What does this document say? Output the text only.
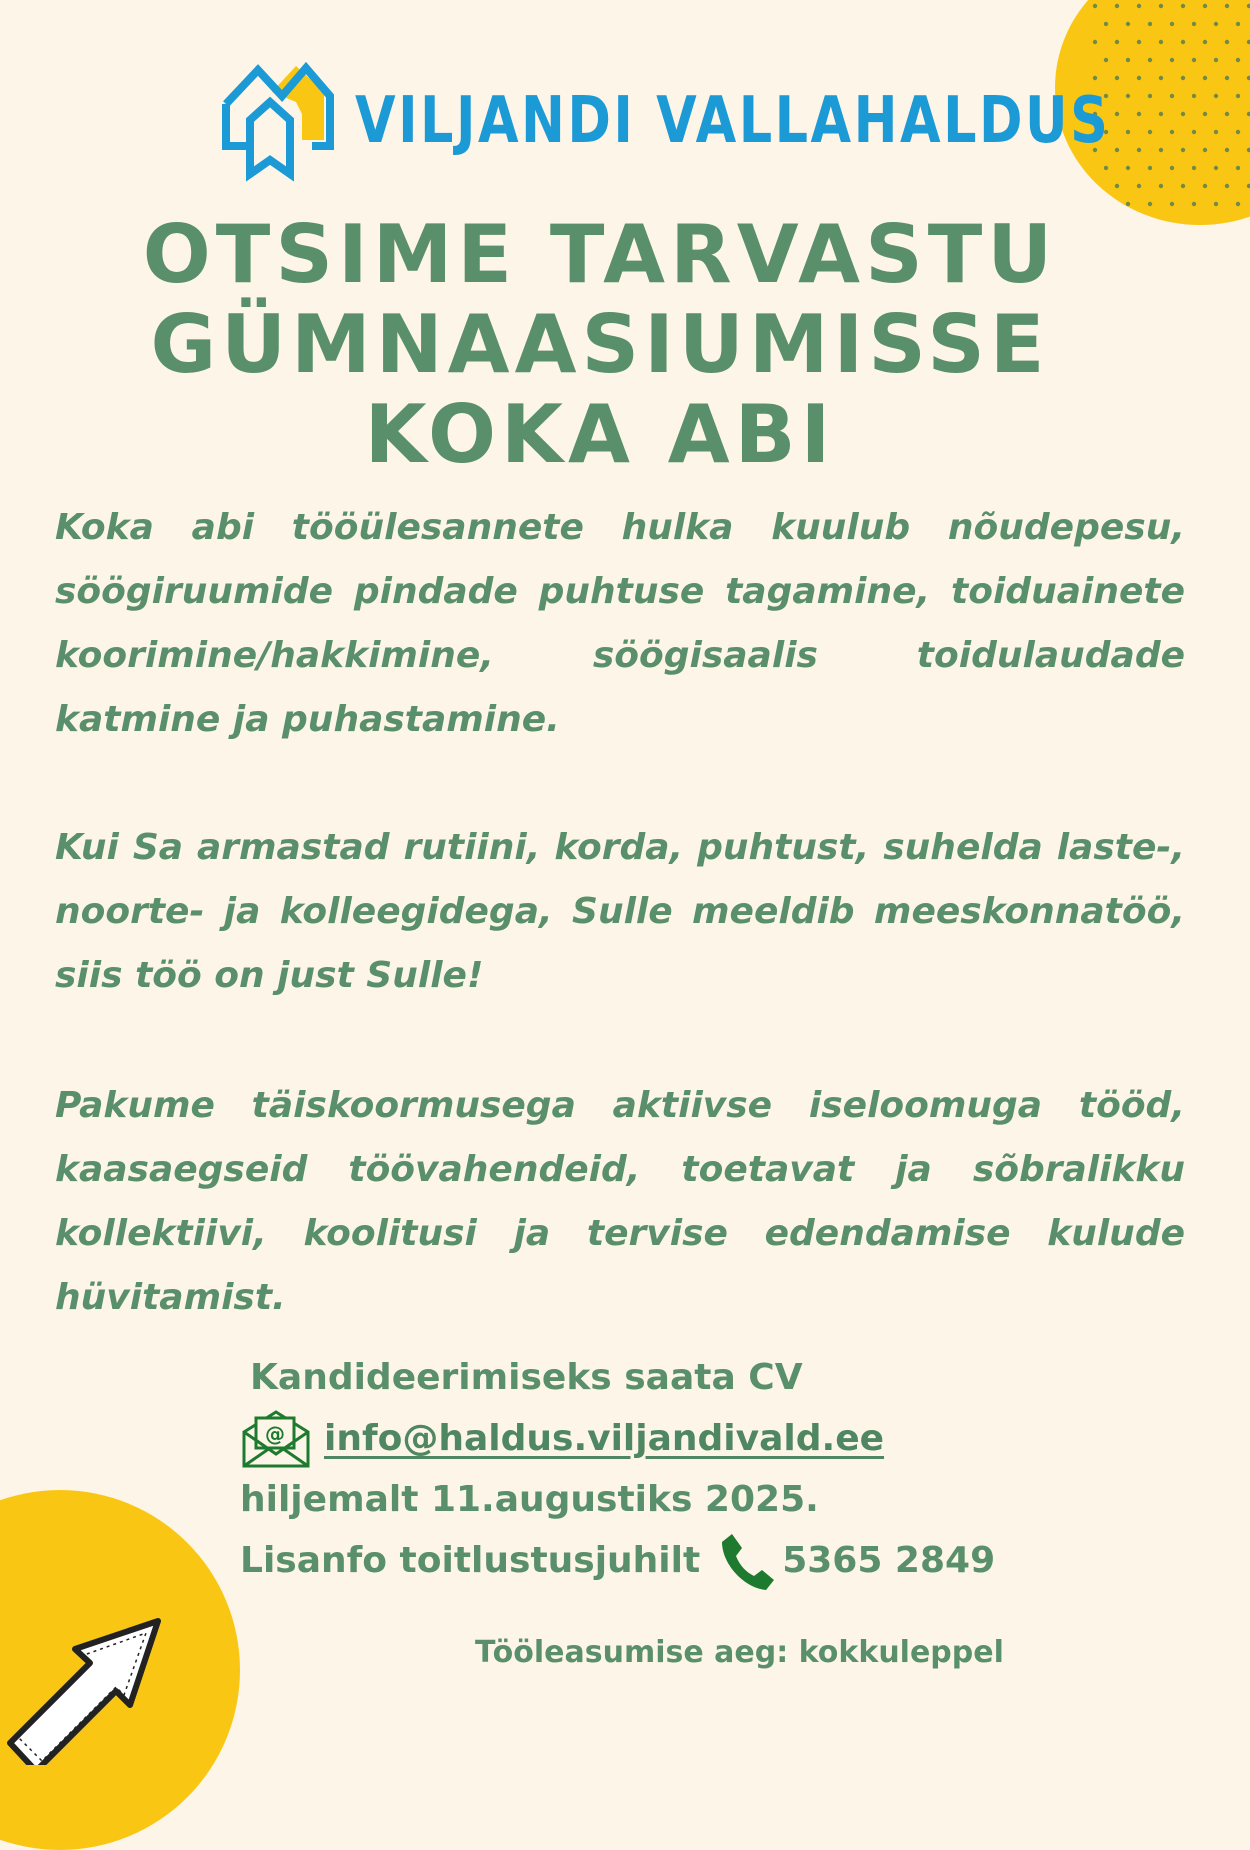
VILJANDI VALLAHALDUS
OTSIME TARVASTU
GÜMNAASIUMISSE
KOKA ABI

Koka abi tööülesannete hulka kuulub nõudepesu, söögiruumide pindade puhtuse tagamine, toiduainete koorimine/hakkimine, söögisaalis toidulaudade katmine ja puhastamine.

Kui Sa armastad rutiini, korda, puhtust, suhelda laste-, noorte- ja kolleegidega, Sulle meeldib meeskonnatöö, siis töö on just Sulle!

Pakume täiskoormusega aktiivse iseloomuga tööd, kaasaegseid töövahendeid, toetavat ja sõbralikku kollektiivi, koolitusi ja tervise edendamise kulude hüvitamist.

Kandideerimiseks saata CV
@ info@haldus.viljandivald.ee
hiljemalt 11.augustiks 2025.
Lisanfo toitlustusjuhilt 5365 2849
Tööleasumise aeg: kokkuleppel
